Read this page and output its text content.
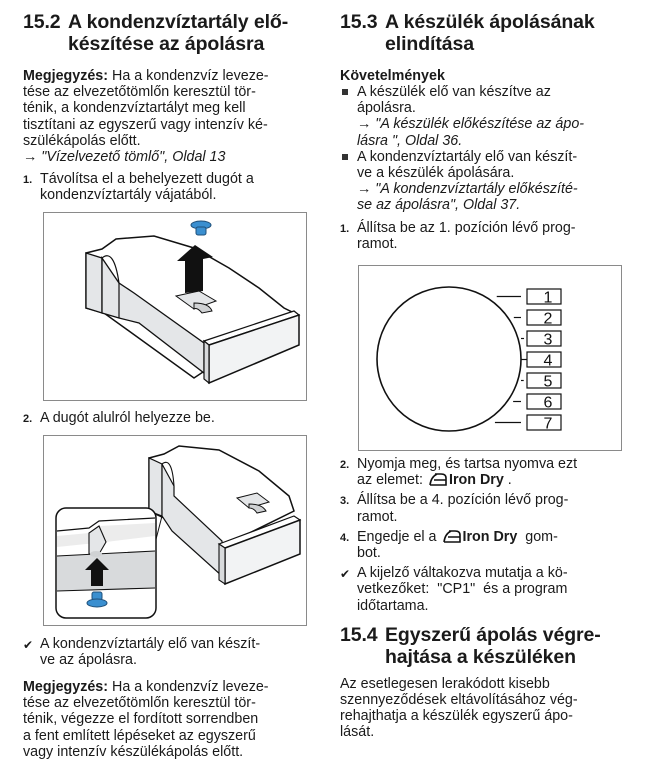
15.2 A kondenzvíztartály elő-
készítése az ápolásra

Megjegyzés: Ha a kondenzvíz leveze-

tése az elvezetőtömlőn keresztül tör-

ténik, a kondenzvíztartályt meg kell

tisztítani az egyszerű vagy intenzív ké-

szülékápolás előtt.

→ "Vízelvezető tömlő", Oldal 13

1. Távolítsa el a behelyezett dugót a
kondenzvíztartály vájatából.
2. A dugót alulról helyezze be.
✔ A kondenzvíztartály elő van készít-
ve az ápolásra.

Megjegyzés: Ha a kondenzvíz leveze-

tése az elvezetőtömlőn keresztül tör-

ténik, végezze el fordított sorrendben

a fent említett lépéseket az egyszerű

vagy intenzív készülékápolás előtt.

15.3 A készülék ápolásának
elindítása
Követelmények
A készülék elő van készítve az
ápolásra.
→ "A készülék előkészítése az ápo-
lásra ", Oldal 36.
A kondenzvíztartály elő van készít-
ve a készülék ápolására.
→ "A kondenzvíztartály előkészíté-
se az ápolásra", Oldal 37.
1. Állítsa be az 1. pozíción lévő prog-
ramot.
1
2
3
4
5
6
7
2. Nyomja meg, és tartsa nyomva ezt
az elemet: Iron Dry .
3. Állítsa be a 4. pozíción lévő prog-
ramot.
4. Engedje el a Iron Dry gom-
bot.
✔ A kijelző váltakozva mutatja a kö-
vetkezőket:  "CP1"  és a program
időtartama.
15.4 Egyszerű ápolás végre-
hajtása a készüléken

Az esetlegesen lerakódott kisebb

szennyeződések eltávolításához vég-

rehajthatja a készülék egyszerű ápo-

lását.
